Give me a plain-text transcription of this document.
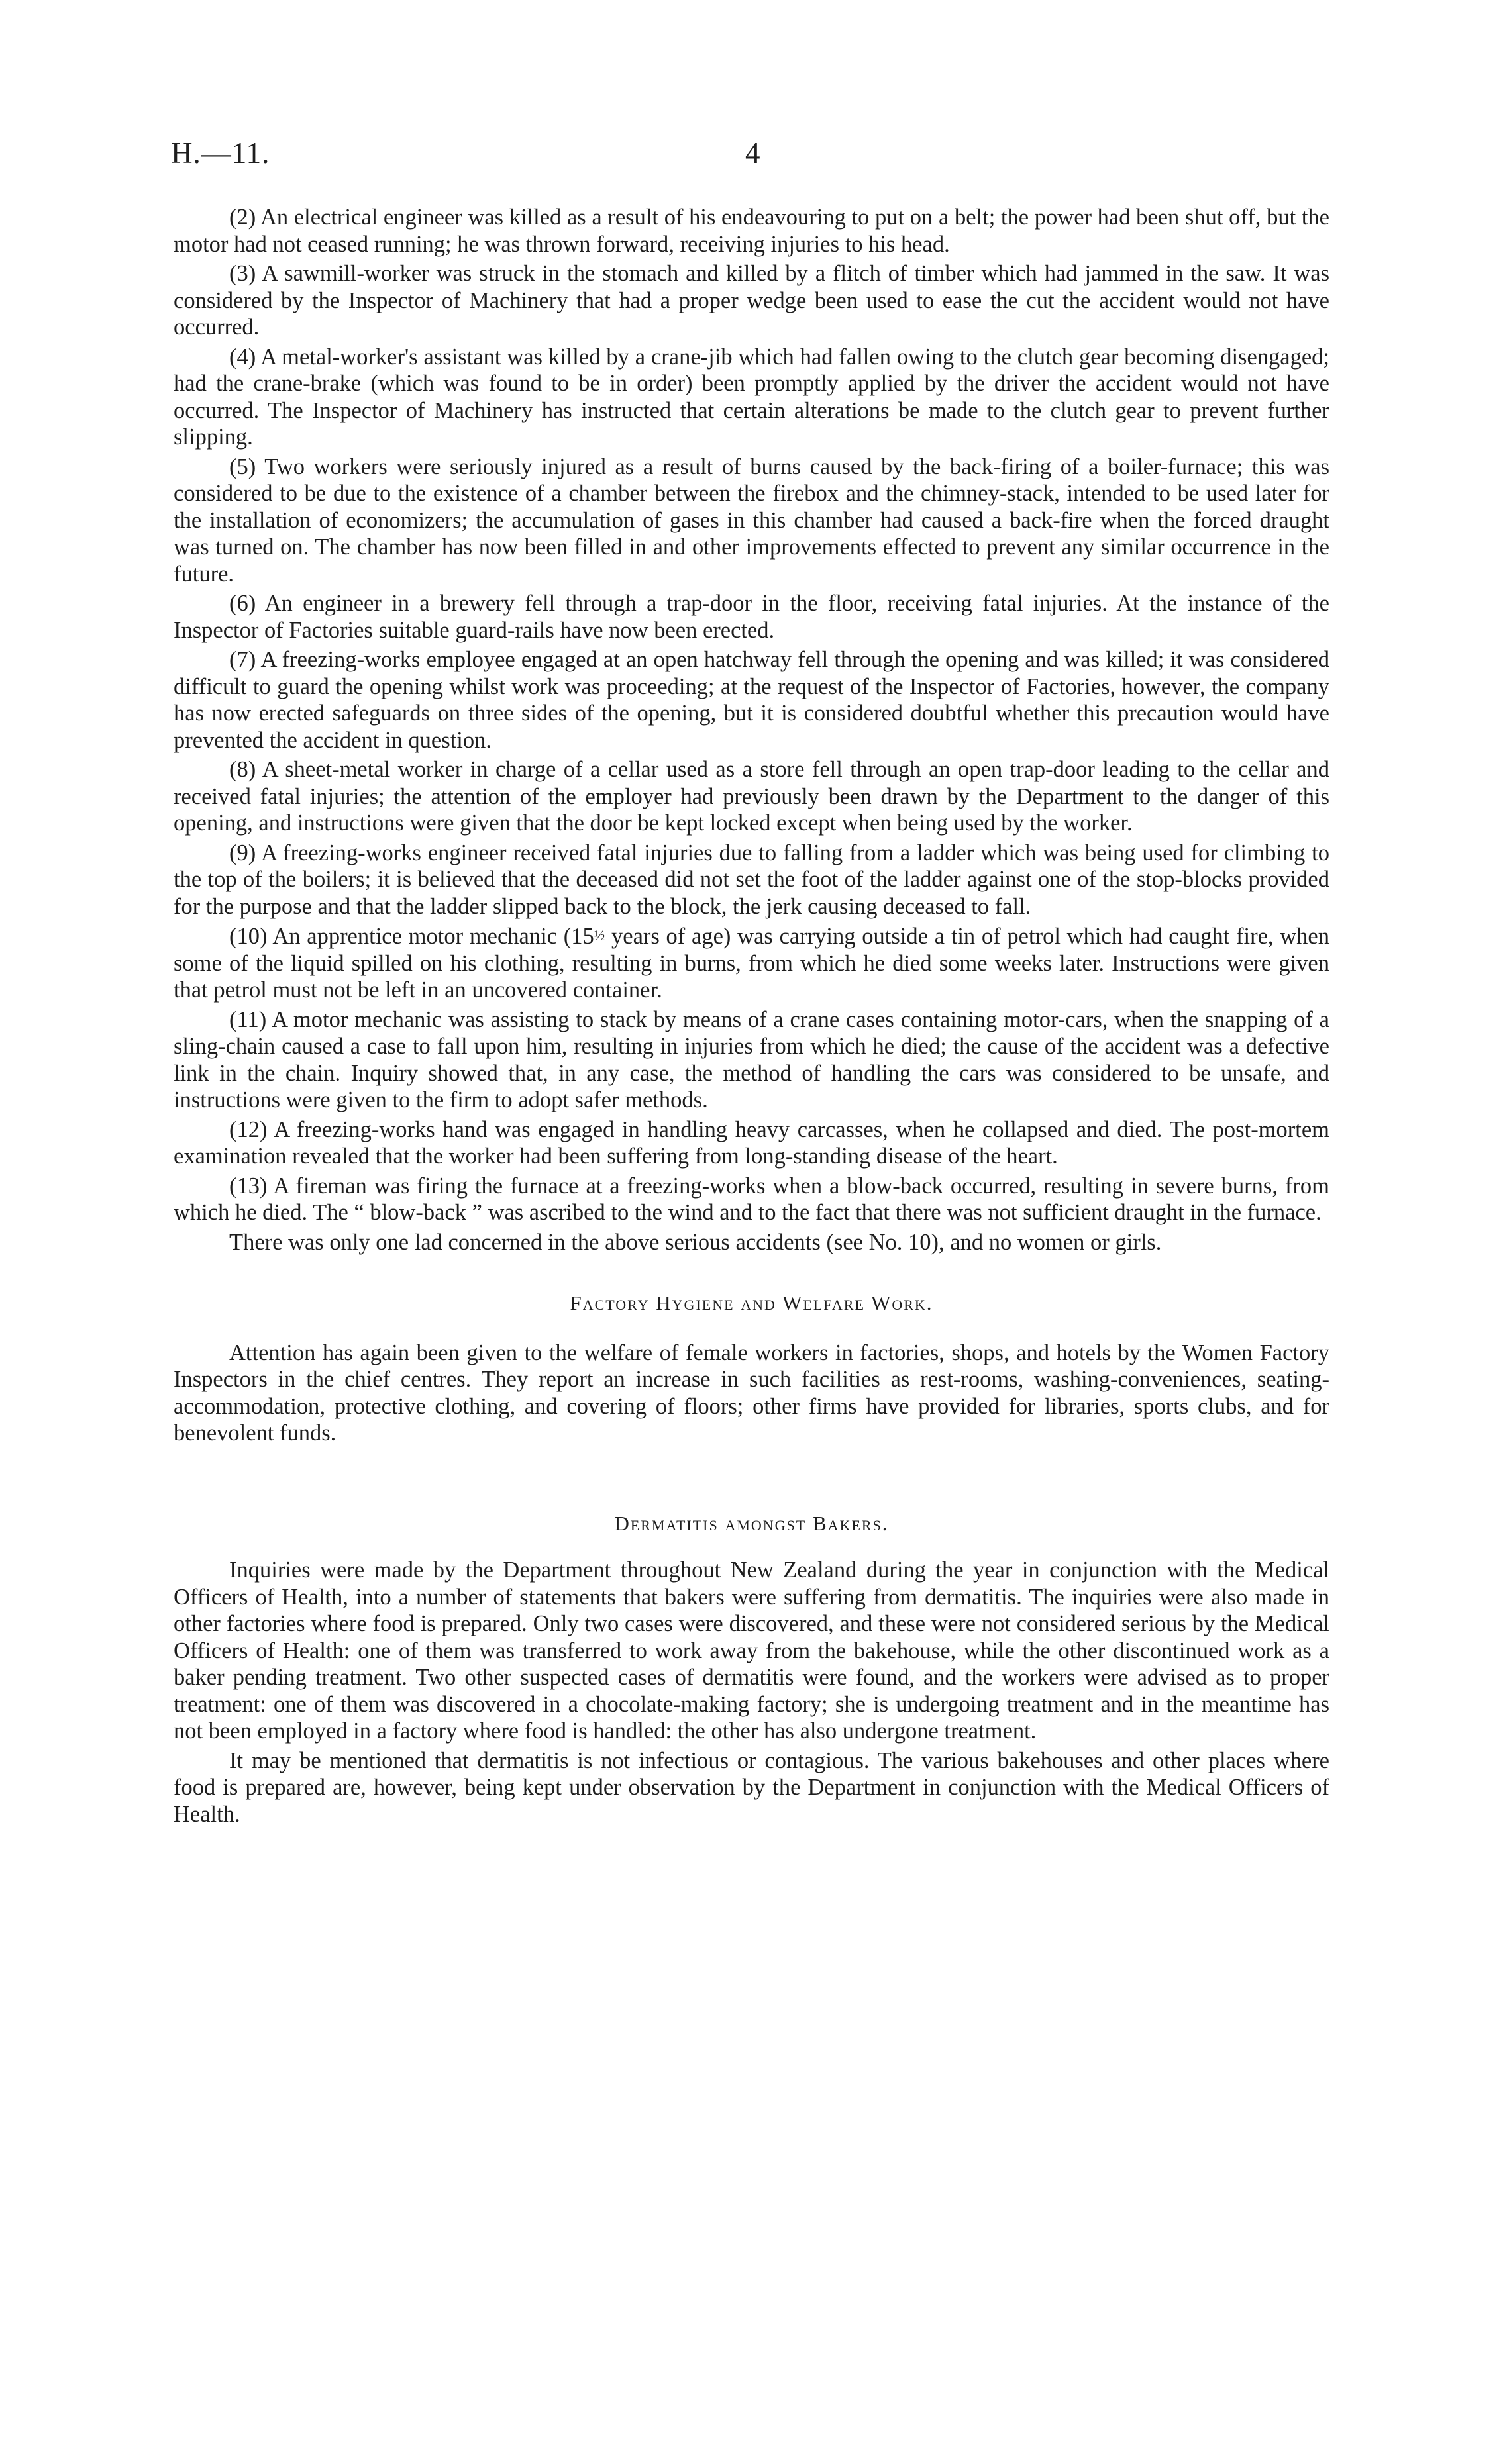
H.—11.	4

(2) An electrical engineer was killed as a result of his endeavouring to put on a belt; the power had been shut off, but the motor had not ceased running; he was thrown forward, receiving injuries to his head.

(3) A sawmill-worker was struck in the stomach and killed by a flitch of timber which had jammed in the saw. It was considered by the Inspector of Machinery that had a proper wedge been used to ease the cut the accident would not have occurred.

(4) A metal-worker's assistant was killed by a crane-jib which had fallen owing to the clutch gear becoming disengaged; had the crane-brake (which was found to be in order) been promptly applied by the driver the accident would not have occurred. The Inspector of Machinery has instructed that certain alterations be made to the clutch gear to prevent further slipping.

(5) Two workers were seriously injured as a result of burns caused by the back-firing of a boiler-furnace; this was considered to be due to the existence of a chamber between the firebox and the chimney-stack, intended to be used later for the installation of economizers; the accumulation of gases in this chamber had caused a back-fire when the forced draught was turned on. The chamber has now been filled in and other improvements effected to prevent any similar occurrence in the future.

(6) An engineer in a brewery fell through a trap-door in the floor, receiving fatal injuries. At the instance of the Inspector of Factories suitable guard-rails have now been erected.

(7) A freezing-works employee engaged at an open hatchway fell through the opening and was killed; it was considered difficult to guard the opening whilst work was proceeding; at the request of the Inspector of Factories, however, the company has now erected safeguards on three sides of the opening, but it is considered doubtful whether this precaution would have prevented the accident in question.

(8) A sheet-metal worker in charge of a cellar used as a store fell through an open trap-door leading to the cellar and received fatal injuries; the attention of the employer had previously been drawn by the Department to the danger of this opening, and instructions were given that the door be kept locked except when being used by the worker.

(9) A freezing-works engineer received fatal injuries due to falling from a ladder which was being used for climbing to the top of the boilers; it is believed that the deceased did not set the foot of the ladder against one of the stop-blocks provided for the purpose and that the ladder slipped back to the block, the jerk causing deceased to fall.

(10) An apprentice motor mechanic (15½ years of age) was carrying outside a tin of petrol which had caught fire, when some of the liquid spilled on his clothing, resulting in burns, from which he died some weeks later. Instructions were given that petrol must not be left in an uncovered container.

(11) A motor mechanic was assisting to stack by means of a crane cases containing motor-cars, when the snapping of a sling-chain caused a case to fall upon him, resulting in injuries from which he died; the cause of the accident was a defective link in the chain. Inquiry showed that, in any case, the method of handling the cars was considered to be unsafe, and instructions were given to the firm to adopt safer methods.

(12) A freezing-works hand was engaged in handling heavy carcasses, when he collapsed and died. The post-mortem examination revealed that the worker had been suffering from long-standing disease of the heart.

(13) A fireman was firing the furnace at a freezing-works when a blow-back occurred, resulting in severe burns, from which he died. The “ blow-back ” was ascribed to the wind and to the fact that there was not sufficient draught in the furnace.

There was only one lad concerned in the above serious accidents (see No. 10), and no women or girls.

Factory Hygiene and Welfare Work.

Attention has again been given to the welfare of female workers in factories, shops, and hotels by the Women Factory Inspectors in the chief centres. They report an increase in such facilities as rest-rooms, washing-conveniences, seating-accommodation, protective clothing, and covering of floors; other firms have provided for libraries, sports clubs, and for benevolent funds.

Dermatitis amongst Bakers.

Inquiries were made by the Department throughout New Zealand during the year in conjunction with the Medical Officers of Health, into a number of statements that bakers were suffering from dermatitis. The inquiries were also made in other factories where food is prepared. Only two cases were discovered, and these were not considered serious by the Medical Officers of Health: one of them was transferred to work away from the bakehouse, while the other discontinued work as a baker pending treatment. Two other suspected cases of dermatitis were found, and the workers were advised as to proper treatment: one of them was discovered in a chocolate-making factory; she is undergoing treatment and in the meantime has not been employed in a factory where food is handled: the other has also undergone treatment.

It may be mentioned that dermatitis is not infectious or contagious. The various bakehouses and other places where food is prepared are, however, being kept under observation by the Department in conjunction with the Medical Officers of Health.
